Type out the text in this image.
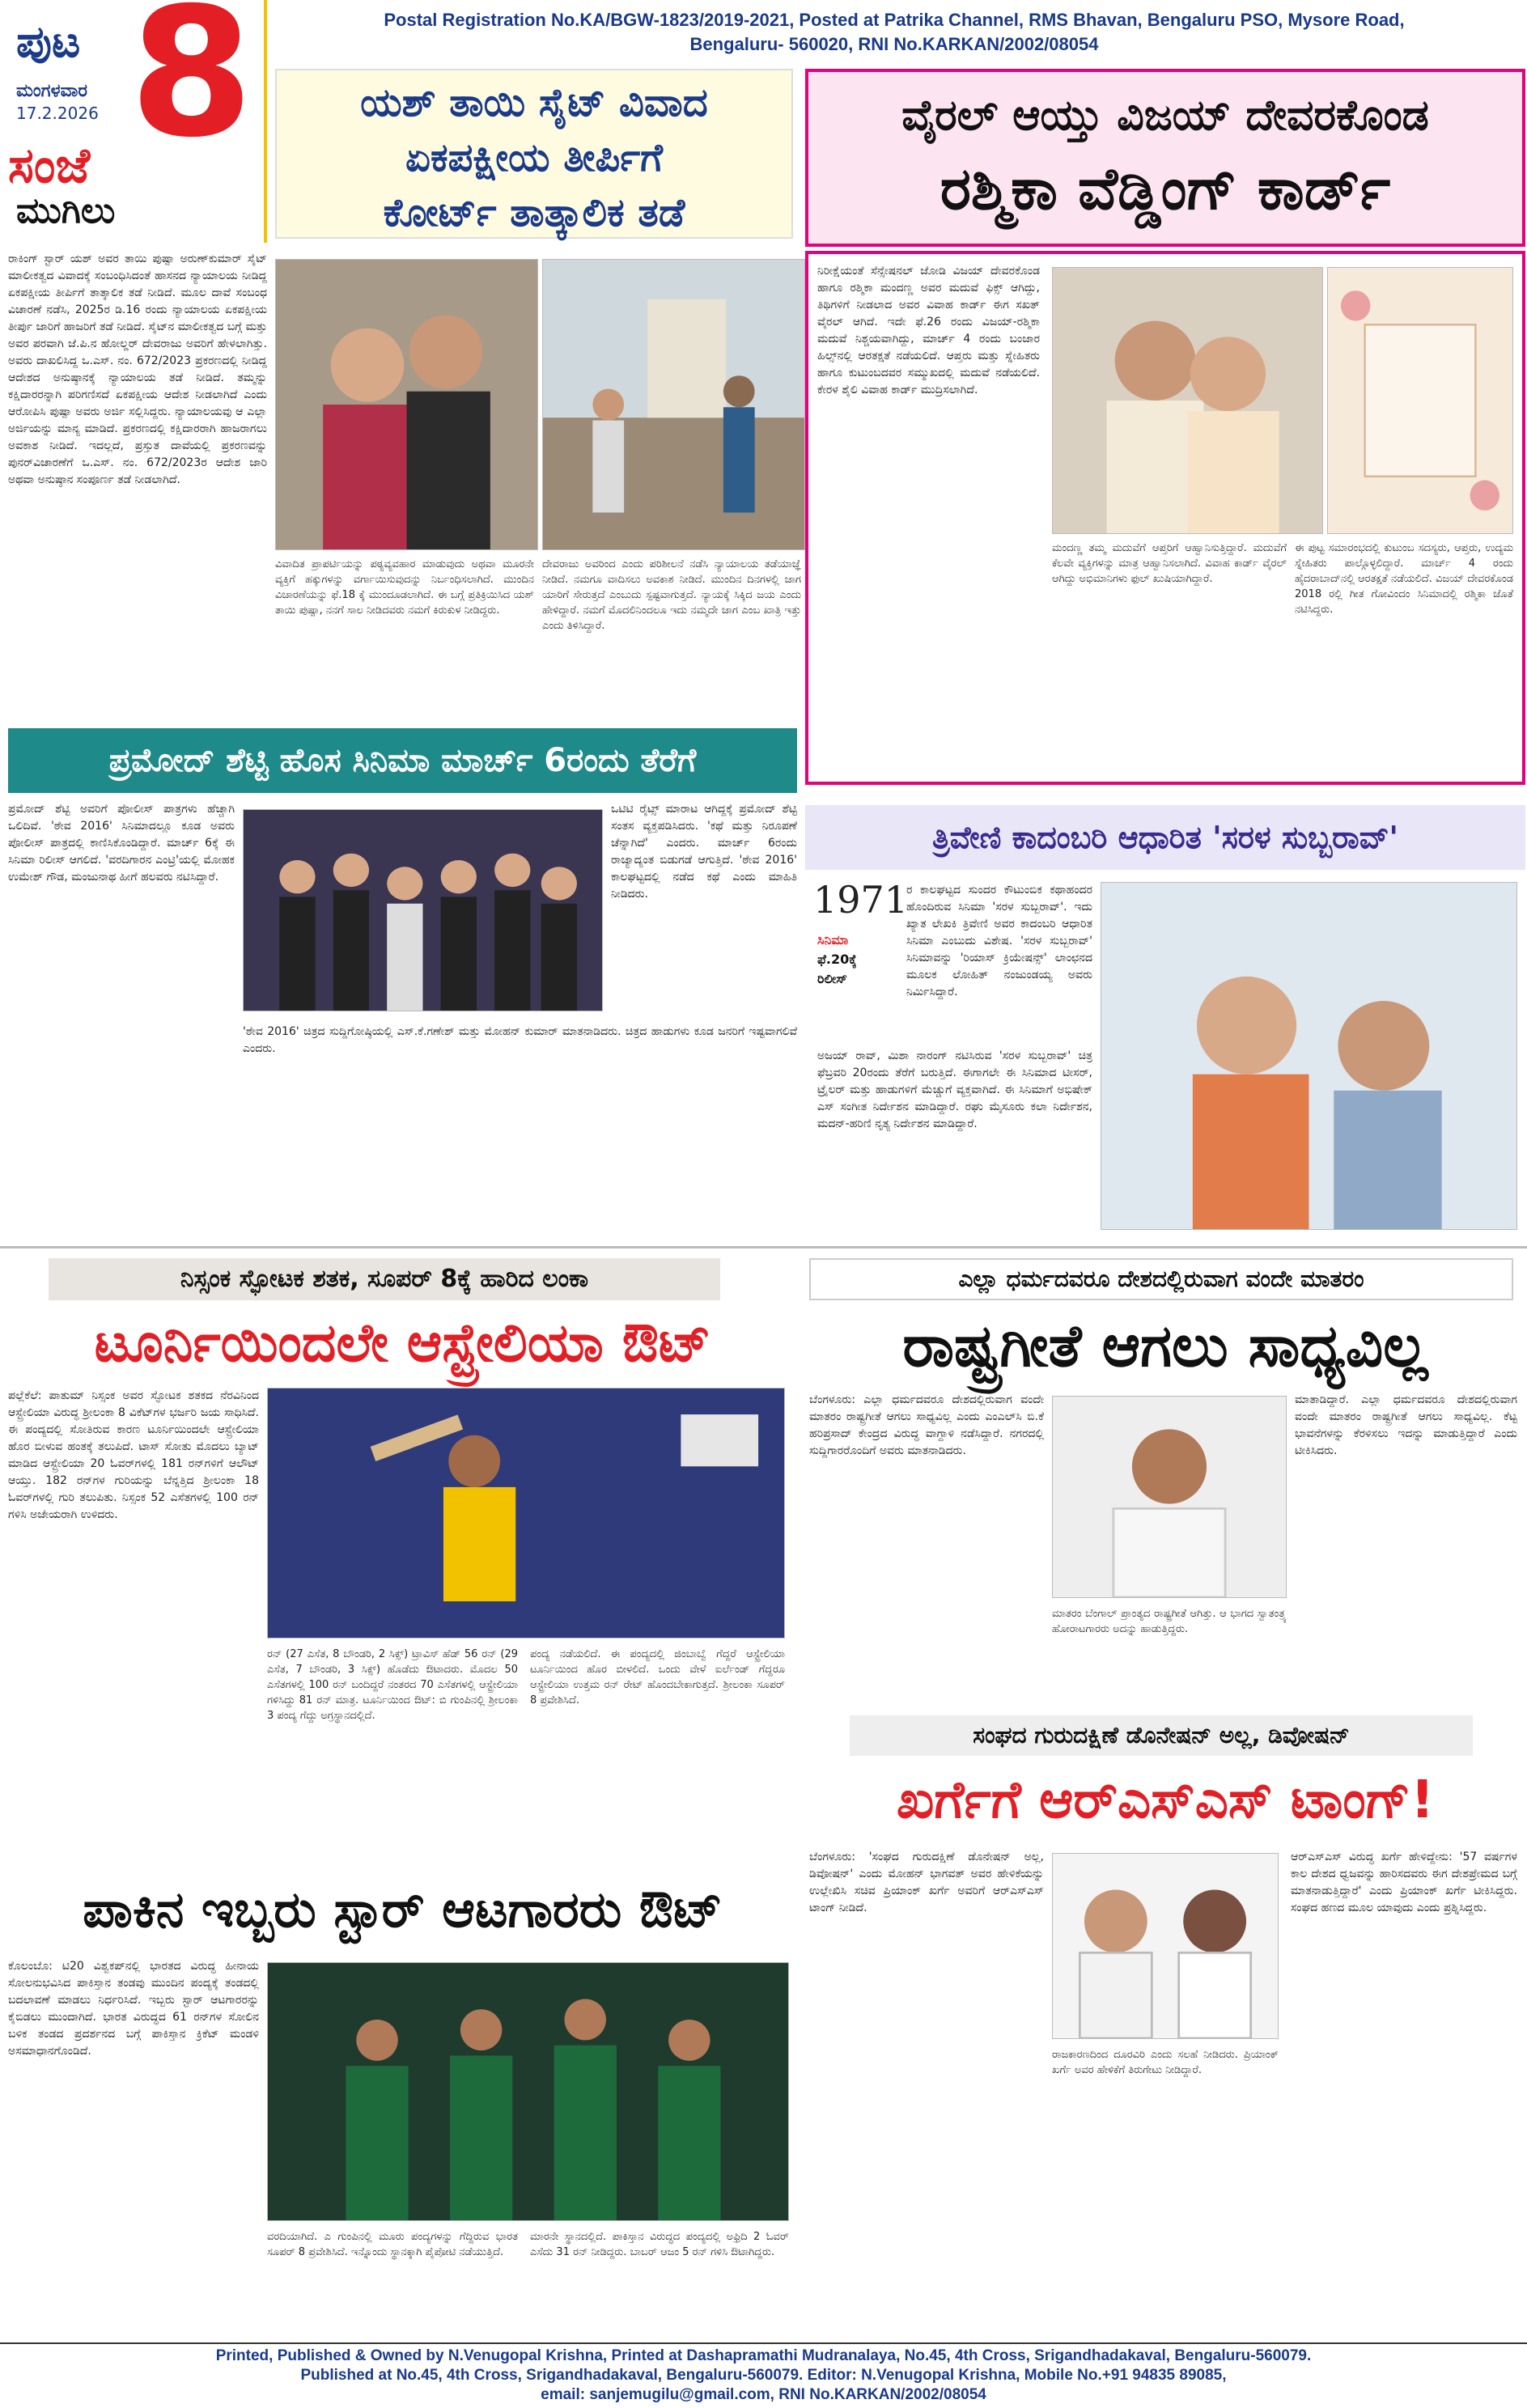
ಪುಟ 8
ಮಂಗಳವಾರ
17.2.2026
ಸಂಜೆ
ಮುಗಿಲು
Postal Registration No.KA/BGW-1823/2019-2021, Posted at Patrika Channel, RMS Bhavan, Bengaluru PSO, Mysore Road,
Bengaluru- 560020, RNI No.KARKAN/2002/08054
ಯಶ್ ತಾಯಿ ಸೈಟ್ ವಿವಾದ
ಏಕಪಕ್ಷೀಯ ತೀರ್ಪಿಗೆ
ಕೋರ್ಟ್ ತಾತ್ಕಾಲಿಕ ತಡೆ
ವೈರಲ್ ಆಯ್ತು ವಿಜಯ್ ದೇವರಕೊಂಡ
ರಶ್ಮಿಕಾ ವೆಡ್ಡಿಂಗ್ ಕಾರ್ಡ್
ರಾಕಿಂಗ್ ಸ್ಟಾರ್ ಯಶ್ ಅವರ ತಾಯಿ ಪುಷ್ಪಾ ಅರುಣ್‌ಕುಮಾರ್ ಸೈಟ್ ಮಾಲೀಕತ್ವದ ವಿವಾದಕ್ಕೆ ಸಂಬಂಧಿಸಿದಂತೆ ಹಾಸನದ ನ್ಯಾಯಾಲಯ ನೀಡಿದ್ದ ಏಕಪಕ್ಷೀಯ ತೀರ್ಪಿಗೆ ತಾತ್ಕಾಲಿಕ ತಡೆ ನೀಡಿದೆ. ಮೂಲ ದಾವೆ ಸಂಬಂಧ ವಿಚಾರಣೆ ನಡೆಸಿ, 2025ರ ಡಿ.16 ರಂದು ನ್ಯಾಯಾಲಯ ಏಕಪಕ್ಷೀಯ ತೀರ್ಪು ಜಾರಿಗೆ ಹಾಜರಿಗೆ ತಡೆ ನೀಡಿದೆ. ಸೈಟ್‌ನ ಮಾಲೀಕತ್ವದ ಬಗ್ಗೆ ಮತ್ತು ಅವರ ಪರವಾಗಿ ಜೆ.ಪಿ.ನ ಹೋಲ್ಡರ್ ದೇವರಾಜು ಅವರಿಗೆ ಹೇಳಲಾಗಿತ್ತು. ಅವರು ದಾಖಲಿಸಿದ್ದ ಒ.ಎಸ್. ನಂ. 672/2023 ಪ್ರಕರಣದಲ್ಲಿ ನೀಡಿದ್ದ ಆದೇಶದ ಅನುಷ್ಠಾನಕ್ಕೆ ನ್ಯಾಯಾಲಯ ತಡೆ ನೀಡಿದೆ. ತಮ್ಮನ್ನು ಕಕ್ಷಿದಾರರನ್ನಾಗಿ ಪರಿಗಣಿಸದೆ ಏಕಪಕ್ಷೀಯ ಆದೇಶ ನೀಡಲಾಗಿದೆ ಎಂದು ಆರೋಪಿಸಿ ಪುಷ್ಪಾ ಅವರು ಅರ್ಜಿ ಸಲ್ಲಿಸಿದ್ದರು. ನ್ಯಾಯಾಲಯವು ಆ ಎಲ್ಲಾ ಅರ್ಜಿಯನ್ನು ಮಾನ್ಯ ಮಾಡಿದೆ. ಪ್ರಕರಣದಲ್ಲಿ ಕಕ್ಷಿದಾರರಾಗಿ ಹಾಜರಾಗಲು ಅವಕಾಶ ನೀಡಿದೆ. ಇದಲ್ಲದೆ, ಪ್ರಸ್ತುತ ದಾವೆಯಲ್ಲಿ ಪ್ರಕರಣವನ್ನು ಪುನರ್‌ವಿಚಾರಣೆಗೆ ಒ.ಎಸ್. ನಂ. 672/2023ರ ಆದೇಶ ಜಾರಿ ಅಥವಾ ಅನುಷ್ಠಾನ ಸಂಪೂರ್ಣ ತಡೆ ನೀಡಲಾಗಿದೆ.
ವಿವಾದಿತ ಪ್ರಾಪರ್ಟಿಯನ್ನು ಪಠ್ಯವ್ಯವಹಾರ ಮಾಡುವುದು ಅಥವಾ ಮೂರನೇ ವ್ಯಕ್ತಿಗೆ ಹಕ್ಕುಗಳನ್ನು ವರ್ಗಾಯಿಸುವುದನ್ನು ನಿರ್ಬಂಧಿಸಲಾಗಿದೆ. ಮುಂದಿನ ವಿಚಾರಣೆಯನ್ನು ಫೆ.18 ಕ್ಕೆ ಮುಂದೂಡಲಾಗಿದೆ. ಈ ಬಗ್ಗೆ ಪ್ರತಿಕ್ರಿಯಿಸಿದ ಯಶ್ ತಾಯಿ ಪುಷ್ಪಾ, ನನಗೆ ಸಾಲ ನೀಡಿದವರು ನಮಗೆ ಕಿರುಕುಳ ನೀಡಿದ್ದರು.
ದೇವರಾಜು ಅವರಿಂದ ಎಂದು ಪರಿಶೀಲನೆ ನಡೆಸಿ ನ್ಯಾಯಾಲಯ ತಡೆಯಾಜ್ಞೆ ನೀಡಿದೆ. ನಮಗೂ ವಾದಿಸಲು ಅವಕಾಶ ನೀಡಿದೆ. ಮುಂದಿನ ದಿನಗಳಲ್ಲಿ ಜಾಗ ಯಾರಿಗೆ ಸೇರುತ್ತದೆ ಎಂಬುದು ಸ್ಪಷ್ಟವಾಗುತ್ತದೆ. ನ್ಯಾಯಕ್ಕೆ ಸಿಕ್ಕಿದ ಜಯ ಎಂದು ಹೇಳಿದ್ದಾರೆ. ನಮಗೆ ಮೊದಲಿನಿಂದಲೂ ಇದು ನಮ್ಮದೇ ಜಾಗ ಎಂಬ ಖಾತ್ರಿ ಇತ್ತು ಎಂದು ತಿಳಿಸಿದ್ದಾರೆ.
ನಿರೀಕ್ಷೆಯಂತೆ ಸೆನ್ಸೇಷನಲ್ ಜೋಡಿ ವಿಜಯ್ ದೇವರಕೊಂಡ ಹಾಗೂ ರಶ್ಮಿಕಾ ಮಂದಣ್ಣ ಅವರ ಮದುವೆ ಫಿಕ್ಸ್ ಆಗಿದ್ದು, ತಿಥಿಗಳಿಗೆ ನೀಡಲಾದ ಅವರ ವಿವಾಹ ಕಾರ್ಡ್ ಈಗ ಸಖತ್ ವೈರಲ್ ಆಗಿದೆ. ಇದೇ ಫೆ.26 ರಂದು ವಿಜಯ್-ರಶ್ಮಿಕಾ ಮದುವೆ ನಿಶ್ಚಯವಾಗಿದ್ದು, ಮಾರ್ಚ್ 4 ರಂದು ಬಂಜಾರ ಹಿಲ್ಸ್‌ನಲ್ಲಿ ಆರತಕ್ಷತೆ ನಡೆಯಲಿದೆ. ಆಪ್ತರು ಮತ್ತು ಸ್ನೇಹಿತರು ಹಾಗೂ ಕುಟುಂಬದವರ ಸಮ್ಮುಖದಲ್ಲಿ ಮದುವೆ ನಡೆಯಲಿದೆ. ಕೇರಳ ಶೈಲಿ ವಿವಾಹ ಕಾರ್ಡ್ ಮುದ್ರಿಸಲಾಗಿದೆ.
ಮಂದಣ್ಣ ತಮ್ಮ ಮದುವೆಗೆ ಆಪ್ತರಿಗೆ ಆಹ್ವಾನಿಸುತ್ತಿದ್ದಾರೆ. ಮದುವೆಗೆ ಕೆಲವೇ ವ್ಯಕ್ತಿಗಳನ್ನು ಮಾತ್ರ ಆಹ್ವಾನಿಸಲಾಗಿದೆ. ವಿವಾಹ ಕಾರ್ಡ್ ವೈರಲ್ ಆಗಿದ್ದು ಅಭಿಮಾನಿಗಳು ಫುಲ್ ಖುಷಿಯಾಗಿದ್ದಾರೆ.
ಈ ಪುಟ್ಟ ಸಮಾರಂಭದಲ್ಲಿ ಕುಟುಂಬ ಸದಸ್ಯರು, ಆಪ್ತರು, ಉದ್ಯಮ ಸ್ನೇಹಿತರು ಪಾಲ್ಗೊಳ್ಳಲಿದ್ದಾರೆ. ಮಾರ್ಚ್ 4 ರಂದು ಹೈದರಾಬಾದ್‌ನಲ್ಲಿ ಆರತಕ್ಷತೆ ನಡೆಯಲಿದೆ. ವಿಜಯ್ ದೇವರಕೊಂಡ 2018 ರಲ್ಲಿ ಗೀತ ಗೋವಿಂದಂ ಸಿನಿಮಾದಲ್ಲಿ ರಶ್ಮಿಕಾ ಜೊತೆ ನಟಿಸಿದ್ದರು.
ಪ್ರಮೋದ್ ಶೆಟ್ಟಿ ಹೊಸ ಸಿನಿಮಾ ಮಾರ್ಚ್ 6ರಂದು ತೆರೆಗೆ
ಪ್ರಮೋದ್ ಶೆಟ್ಟಿ ಅವರಿಗೆ ಪೋಲೀಸ್ ಪಾತ್ರಗಳು ಹೆಚ್ಚಾಗಿ ಒಲಿದಿವೆ. 'ಠೇವ 2016' ಸಿನಿಮಾದಲ್ಲೂ ಕೂಡ ಅವರು ಪೋಲೀಸ್ ಪಾತ್ರದಲ್ಲಿ ಕಾಣಿಸಿಕೊಂಡಿದ್ದಾರೆ. ಮಾರ್ಚ್ 6ಕ್ಕೆ ಈ ಸಿನಿಮಾ ರಿಲೀಸ್ ಆಗಲಿದೆ. 'ವರದಿಗಾರನ ಎಂಟ್ರಿ'ಯಲ್ಲಿ ಮೋಹಕ ಉಮೇಶ್ ಗೌಡ, ಮಂಜುನಾಥ ಹೀಗೆ ಹಲವರು ನಟಿಸಿದ್ದಾರೆ.
ಒಟಿಟಿ ರೈಟ್ಸ್ ಮಾರಾಟ ಆಗಿದ್ದಕ್ಕೆ ಪ್ರಮೋದ್ ಶೆಟ್ಟಿ ಸಂತಸ ವ್ಯಕ್ತಪಡಿಸಿದರು. 'ಕಥೆ ಮತ್ತು ನಿರೂಪಣೆ ಚೆನ್ನಾಗಿದೆ' ಎಂದರು. ಮಾರ್ಚ್ 6ರಂದು ರಾಜ್ಯಾದ್ಯಂತ ಬಿಡುಗಡೆ ಆಗುತ್ತಿದೆ. 'ಠೇವ 2016' ಕಾಲಘಟ್ಟದಲ್ಲಿ ನಡೆದ ಕಥೆ ಎಂದು ಮಾಹಿತಿ ನೀಡಿದರು.
'ಠೇವ 2016' ಚಿತ್ರದ ಸುದ್ದಿಗೋಷ್ಠಿಯಲ್ಲಿ ಎಸ್.ಕೆ.ಗಣೇಶ್ ಮತ್ತು ಮೋಹನ್ ಕುಮಾರ್ ಮಾತನಾಡಿದರು. ಚಿತ್ರದ ಹಾಡುಗಳು ಕೂಡ ಜನರಿಗೆ ಇಷ್ಟವಾಗಲಿವೆ ಎಂದರು.
ತ್ರಿವೇಣಿ ಕಾದಂಬರಿ ಆಧಾರಿತ 'ಸರಳ ಸುಬ್ಬರಾವ್'
1971
ಸಿನಿಮಾ
ಫೆ.20ಕ್ಕೆ
ರಿಲೀಸ್
ರ ಕಾಲಘಟ್ಟದ ಸುಂದರ ಕೌಟುಂಬಿಕ ಕಥಾಹಂದರ ಹೊಂದಿರುವ ಸಿನಿಮಾ 'ಸರಳ ಸುಬ್ಬರಾವ್'. ಇದು ಖ್ಯಾತ ಲೇಖಕಿ ತ್ರಿವೇಣಿ ಅವರ ಕಾದಂಬರಿ ಆಧಾರಿತ ಸಿನಿಮಾ ಎಂಬುದು ವಿಶೇಷ. 'ಸರಳ ಸುಬ್ಬರಾವ್' ಸಿನಿಮಾವನ್ನು 'ರಿಯಾಸ್ ಕ್ರಿಯೇಷನ್ಸ್' ಲಾಂಛನದ ಮೂಲಕ ಲೋಹಿತ್ ನಂಜುಂಡಯ್ಯ ಅವರು ನಿರ್ಮಿಸಿದ್ದಾರೆ.
ಅಜಯ್ ರಾವ್, ಮಿಶಾ ನಾರಂಗ್ ನಟಿಸಿರುವ 'ಸರಳ ಸುಬ್ಬರಾವ್' ಚಿತ್ರ ಫೆಬ್ರವರಿ 20ರಂದು ತೆರೆಗೆ ಬರುತ್ತಿದೆ. ಈಗಾಗಲೇ ಈ ಸಿನಿಮಾದ ಟೀಸರ್, ಟ್ರೈಲರ್ ಮತ್ತು ಹಾಡುಗಳಿಗೆ ಮೆಚ್ಚುಗೆ ವ್ಯಕ್ತವಾಗಿದೆ. ಈ ಸಿನಿಮಾಗೆ ಅಭಿಷೇಕ್ ಎಸ್ ಸಂಗೀತ ನಿರ್ದೇಶನ ಮಾಡಿದ್ದಾರೆ. ರಘು ಮೈಸೂರು ಕಲಾ ನಿರ್ದೇಶನ, ಮದನ್-ಹರಿಣಿ ನೃತ್ಯ ನಿರ್ದೇಶನ ಮಾಡಿದ್ದಾರೆ.
ನಿಸ್ಸಂಕ ಸ್ಫೋಟಕ ಶತಕ, ಸೂಪರ್ 8ಕ್ಕೆ ಹಾರಿದ ಲಂಕಾ
ಟೂರ್ನಿಯಿಂದಲೇ ಆಸ್ಟ್ರೇಲಿಯಾ ಔಟ್
ಪಲ್ಲೆಕೆಲೆ: ಪಾತುಮ್ ನಿಸ್ಸಂಕ ಅವರ ಸ್ಫೋಟಕ ಶತಕದ ನೆರವಿನಿಂದ ಆಸ್ಟ್ರೇಲಿಯಾ ವಿರುದ್ಧ ಶ್ರೀಲಂಕಾ 8 ವಿಕೆಟ್‌ಗಳ ಭರ್ಜರಿ ಜಯ ಸಾಧಿಸಿದೆ. ಈ ಪಂದ್ಯದಲ್ಲಿ ಸೋತಿರುವ ಕಾರಣ ಟೂರ್ನಿಯಿಂದಲೇ ಆಸ್ಟ್ರೇಲಿಯಾ ಹೊರ ಬೀಳುವ ಹಂತಕ್ಕೆ ತಲುಪಿದೆ. ಟಾಸ್ ಸೋತು ಮೊದಲು ಬ್ಯಾಟ್ ಮಾಡಿದ ಆಸ್ಟ್ರೇಲಿಯಾ 20 ಓವರ್‌ಗಳಲ್ಲಿ 181 ರನ್‌ಗಳಿಗೆ ಆಲೌಟ್ ಆಯ್ತು. 182 ರನ್‌ಗಳ ಗುರಿಯನ್ನು ಬೆನ್ನತ್ತಿದ ಶ್ರೀಲಂಕಾ 18 ಓವರ್‌ಗಳಲ್ಲಿ ಗುರಿ ತಲುಪಿತು. ನಿಸ್ಸಂಕ 52 ಎಸೆತಗಳಲ್ಲಿ 100 ರನ್ ಗಳಿಸಿ ಅಜೇಯರಾಗಿ ಉಳಿದರು.
ರನ್ (27 ಎಸೆತ, 8 ಬೌಂಡರಿ, 2 ಸಿಕ್ಸ್) ಟ್ರಾವಿಸ್ ಹೆಡ್ 56 ರನ್ (29 ಎಸೆತ, 7 ಬೌಂಡರಿ, 3 ಸಿಕ್ಸ್) ಹೊಡೆದು ಔಟಾದರು. ಮೊದಲ 50 ಎಸೆತಗಳಲ್ಲಿ 100 ರನ್ ಬಂದಿದ್ದರೆ ನಂತರದ 70 ಎಸೆತಗಳಲ್ಲಿ ಆಸ್ಟ್ರೇಲಿಯಾ ಗಳಿಸಿದ್ದು 81 ರನ್ ಮಾತ್ರ. ಟೂರ್ನಿಯಿಂದ ಔಟ್: ಬಿ ಗುಂಪಿನಲ್ಲಿ ಶ್ರೀಲಂಕಾ 3 ಪಂದ್ಯ ಗೆದ್ದು ಅಗ್ರಸ್ಥಾನದಲ್ಲಿದೆ.
ಪಂದ್ಯ ನಡೆಯಲಿದೆ. ಈ ಪಂದ್ಯದಲ್ಲಿ ಜಿಂಬಾಬ್ವೆ ಗೆದ್ದರೆ ಆಸ್ಟ್ರೇಲಿಯಾ ಟೂರ್ನಿಯಿಂದ ಹೊರ ಬೀಳಲಿದೆ. ಒಂದು ವೇಳೆ ಐರ್ಲೆಂಡ್ ಗೆದ್ದರೂ ಆಸ್ಟ್ರೇಲಿಯಾ ಉತ್ತಮ ರನ್ ರೇಟ್ ಹೊಂದಬೇಕಾಗುತ್ತದೆ. ಶ್ರೀಲಂಕಾ ಸೂಪರ್ 8 ಪ್ರವೇಶಿಸಿದೆ.
ಎಲ್ಲಾ ಧರ್ಮದವರೂ ದೇಶದಲ್ಲಿರುವಾಗ ವಂದೇ ಮಾತರಂ
ರಾಷ್ಟ್ರಗೀತೆ ಆಗಲು ಸಾಧ್ಯವಿಲ್ಲ
ಬೆಂಗಳೂರು: ಎಲ್ಲಾ ಧರ್ಮದವರೂ ದೇಶದಲ್ಲಿರುವಾಗ ವಂದೇ ಮಾತರಂ ರಾಷ್ಟ್ರಗೀತೆ ಆಗಲು ಸಾಧ್ಯವಿಲ್ಲ ಎಂದು ಎಂಎಲ್‌ಸಿ ಬಿ.ಕೆ ಹರಿಪ್ರಸಾದ್ ಕೇಂದ್ರದ ವಿರುದ್ಧ ವಾಗ್ದಾಳಿ ನಡೆಸಿದ್ದಾರೆ. ನಗರದಲ್ಲಿ ಸುದ್ದಿಗಾರರೊಂದಿಗೆ ಅವರು ಮಾತನಾಡಿದರು.
ಮಾತರಂ ಬೆಂಗಾಲ್ ಪ್ರಾಂತ್ಯದ ರಾಷ್ಟ್ರಗೀತೆ ಆಗಿತ್ತು. ಆ ಭಾಗದ ಸ್ವಾತಂತ್ರ್ಯ ಹೋರಾಟಗಾರರು ಅದನ್ನು ಹಾಡುತ್ತಿದ್ದರು.
ಮಾತಾಡಿದ್ದಾರೆ. ಎಲ್ಲಾ ಧರ್ಮದವರೂ ದೇಶದಲ್ಲಿರುವಾಗ ವಂದೇ ಮಾತರಂ ರಾಷ್ಟ್ರಗೀತೆ ಆಗಲು ಸಾಧ್ಯವಿಲ್ಲ. ಕೆಟ್ಟ ಭಾವನೆಗಳನ್ನು ಕೆರಳಿಸಲು ಇದನ್ನು ಮಾಡುತ್ತಿದ್ದಾರೆ ಎಂದು ಟೀಕಿಸಿದರು.
ಸಂಘದ ಗುರುದಕ್ಷಿಣೆ ಡೊನೇಷನ್ ಅಲ್ಲ, ಡಿವೋಷನ್
ಖರ್ಗೆಗೆ ಆರ್‌ಎಸ್‌ಎಸ್ ಟಾಂಗ್!
ಬೆಂಗಳೂರು: 'ಸಂಘದ ಗುರುದಕ್ಷಿಣೆ ಡೊನೇಷನ್ ಅಲ್ಲ, ಡಿವೋಷನ್' ಎಂದು ಮೋಹನ್ ಭಾಗವತ್ ಅವರ ಹೇಳಿಕೆಯನ್ನು ಉಲ್ಲೇಖಿಸಿ ಸಚಿವ ಪ್ರಿಯಾಂಕ್ ಖರ್ಗೆ ಅವರಿಗೆ ಆರ್‌ಎಸ್‌ಎಸ್ ಟಾಂಗ್ ನೀಡಿದೆ.
ರಾಜಕಾರಣದಿಂದ ದೂರವಿರಿ ಎಂದು ಸಲಹೆ ನೀಡಿದರು. ಪ್ರಿಯಾಂಕ್ ಖರ್ಗೆ ಅವರ ಹೇಳಿಕೆಗೆ ತಿರುಗೇಟು ನೀಡಿದ್ದಾರೆ.
ಆರ್‌ಎಸ್‌ಎಸ್ ವಿರುದ್ಧ ಖರ್ಗೆ ಹೇಳಿದ್ದೇನು: '57 ವರ್ಷಗಳ ಕಾಲ ದೇಶದ ಧ್ವಜವನ್ನು ಹಾರಿಸದವರು ಈಗ ದೇಶಪ್ರೇಮದ ಬಗ್ಗೆ ಮಾತನಾಡುತ್ತಿದ್ದಾರೆ' ಎಂದು ಪ್ರಿಯಾಂಕ್ ಖರ್ಗೆ ಟೀಕಿಸಿದ್ದರು. ಸಂಘದ ಹಣದ ಮೂಲ ಯಾವುದು ಎಂದು ಪ್ರಶ್ನಿಸಿದ್ದರು.
ಪಾಕಿನ ಇಬ್ಬರು ಸ್ಟಾರ್ ಆಟಗಾರರು ಔಟ್
ಕೊಲಂಬೊ: ಟಿ20 ವಿಶ್ವಕಪ್‌ನಲ್ಲಿ ಭಾರತದ ವಿರುದ್ಧ ಹೀನಾಯ ಸೋಲನುಭವಿಸಿದ ಪಾಕಿಸ್ತಾನ ತಂಡವು ಮುಂದಿನ ಪಂದ್ಯಕ್ಕೆ ತಂಡದಲ್ಲಿ ಬದಲಾವಣೆ ಮಾಡಲು ನಿರ್ಧರಿಸಿದೆ. ಇಬ್ಬರು ಸ್ಟಾರ್ ಆಟಗಾರರನ್ನು ಕೈಬಿಡಲು ಮುಂದಾಗಿದೆ. ಭಾರತ ವಿರುದ್ಧದ 61 ರನ್‌ಗಳ ಸೋಲಿನ ಬಳಿಕ ತಂಡದ ಪ್ರದರ್ಶನದ ಬಗ್ಗೆ ಪಾಕಿಸ್ತಾನ ಕ್ರಿಕೆಟ್ ಮಂಡಳಿ ಅಸಮಾಧಾನಗೊಂಡಿದೆ.
ವರದಿಯಾಗಿದೆ. ಎ ಗುಂಪಿನಲ್ಲಿ ಮೂರು ಪಂದ್ಯಗಳನ್ನು ಗೆದ್ದಿರುವ ಭಾರತ ಸೂಪರ್ 8 ಪ್ರವೇಶಿಸಿದೆ. ಇನ್ನೊಂದು ಸ್ಥಾನಕ್ಕಾಗಿ ಪೈಪೋಟಿ ನಡೆಯುತ್ತಿದೆ.
ಮಾರನೇ ಸ್ಥಾನದಲ್ಲಿದೆ. ಪಾಕಿಸ್ತಾನ ವಿರುದ್ಧದ ಪಂದ್ಯದಲ್ಲಿ ಅಫ್ರಿದಿ 2 ಓವರ್ ಎಸೆದು 31 ರನ್ ನೀಡಿದ್ದರು. ಬಾಬರ್ ಆಜಂ 5 ರನ್ ಗಳಿಸಿ ಔಟಾಗಿದ್ದರು.
Printed, Published & Owned by N.Venugopal Krishna, Printed at Dashapramathi Mudranalaya, No.45, 4th Cross, Srigandhadakaval, Bengaluru-560079.
Published at No.45, 4th Cross, Srigandhadakaval, Bengaluru-560079. Editor: N.Venugopal Krishna, Mobile No.+91 94835 89085,
email: sanjemugilu@gmail.com, RNI No.KARKAN/2002/08054
